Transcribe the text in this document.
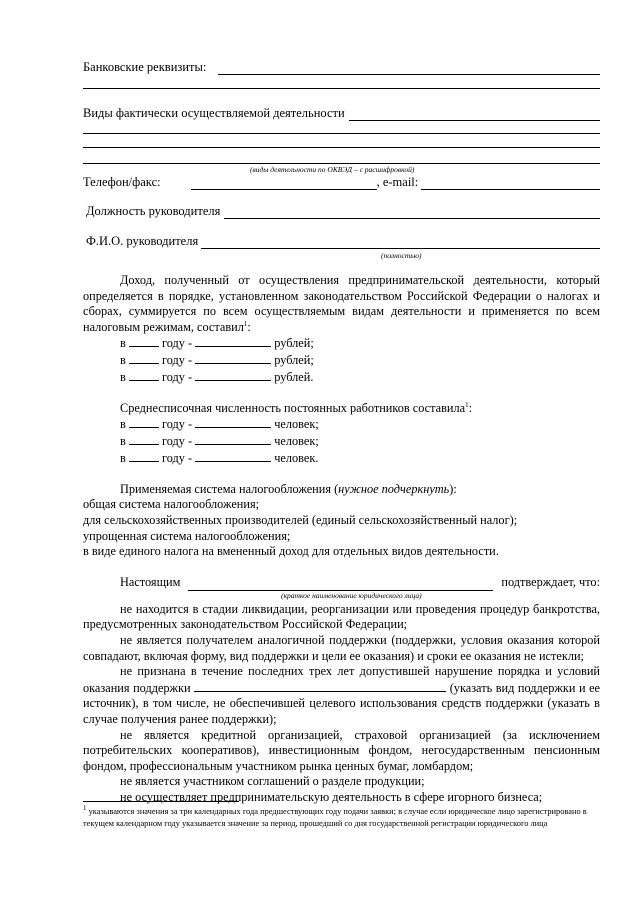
Банковские реквизиты:
Виды фактически осуществляемой деятельности
(виды деятельности по ОКВЭД – с расшифровкой)
Телефон/факс:	, e-mail:
Должность руководителя
Ф.И.О. руководителя
(полностью)

Доход, полученный от осуществления предпринимательской деятельности, который определяется в порядке, установленном законодательством Российской Федерации о налогах и сборах, суммируется по всем осуществляемым видам деятельности и применяется по всем налоговым режимам, составил$^1$:

в	году -	рублей;

в	году -	рублей;

в	году -	рублей.

Среднесписочная численность постоянных работников составила$^1$:

в	году -	человек;

в	году -	человек;

в	году -	человек.

Применяемая система налогообложения (нужное подчеркнуть):

общая система налогообложения;

для сельскохозяйственных производителей (единый сельскохозяйственный налог);

упрощенная система налогообложения;

в виде единого налога на вмененный доход для отдельных видов деятельности.

Настоящим	подтверждает, что:

(краткое наименование юридического лица)

не находится в стадии ликвидации, реорганизации или проведения процедур банкротства, предусмотренных законодательством Российской Федерации;

не является получателем аналогичной поддержки (поддержки, условия оказания которой совпадают, включая форму, вид поддержки и цели ее оказания) и сроки ее оказания не истекли;

не признана в течение последних трех лет допустившей нарушение порядка и условий оказания поддержки	(указать вид поддержки и ее источник), в том числе, не обеспечившей целевого использования средств поддержки (указать в случае получения ранее поддержки);

не является кредитной организацией, страховой организацией (за исключением потребительских кооперативов), инвестиционным фондом, негосударственным пенсионным фондом, профессиональным участником рынка ценных бумаг, ломбардом;

не является участником соглашений о разделе продукции;

не осуществляет предпринимательскую деятельность в сфере игорного бизнеса;

$^1$ указываются значения за три календарных года предшествующих году подачи заявки; в случае если юридическое лицо зарегистрировано в текущем календарном году указывается значение за период, прошедший со дня государственной регистрации юридического лица
